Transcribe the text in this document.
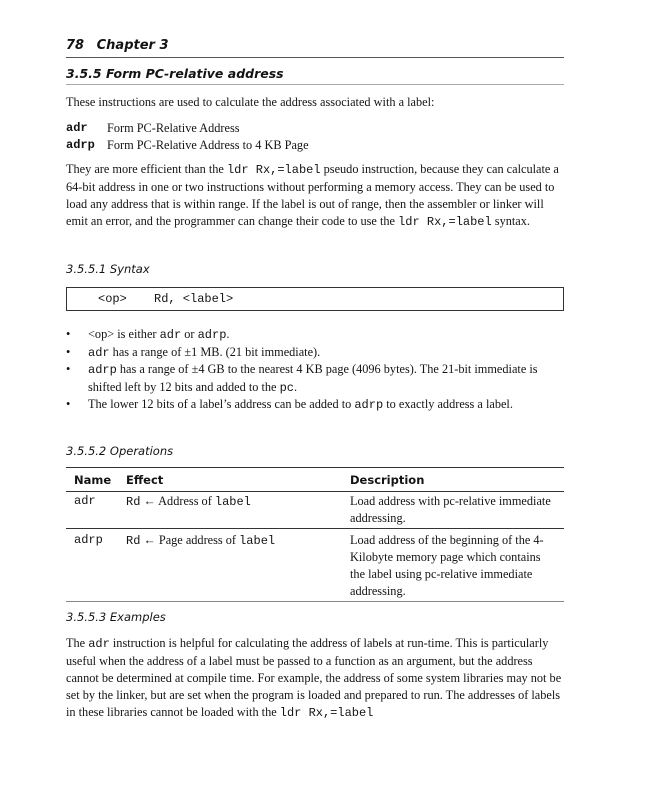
78 Chapter 3
3.5.5 Form PC-relative address
These instructions are used to calculate the address associated with a label:
adr	Form PC-Relative Address
adrp Form PC-Relative Address to 4 KB Page
They are more efficient than the ldr Rx,=label pseudo instruction, because they can calculate a 64-bit address in one or two instructions without performing a memory access. They can be used to load any address that is within range. If the label is out of range, then the assembler or linker will emit an error, and the programmer can change their code to use the ldr Rx,=label syntax.
3.5.5.1 Syntax
<op> Rd, <label>
• <op> is either adr or adrp.
• adr has a range of ±1 MB. (21 bit immediate).
• adrp has a range of ±4 GB to the nearest 4 KB page (4096 bytes). The 21-bit immediate is shifted left by 12 bits and added to the pc.
• The lower 12 bits of a label’s address can be added to adrp to exactly address a label.
3.5.5.2 Operations
Name	Effect	Description
adr	Rd ← Address of label	Load address with pc-relative immediate addressing.
adrp	Rd ← Page address of label	Load address of the beginning of the 4-Kilobyte memory page which contains the label using pc-relative immediate addressing.
3.5.5.3 Examples
The adr instruction is helpful for calculating the address of labels at run-time. This is particularly useful when the address of a label must be passed to a function as an argument, but the address cannot be determined at compile time. For example, the address of some system libraries may not be set by the linker, but are set when the program is loaded and prepared to run. The addresses of labels in these libraries cannot be loaded with the ldr Rx,=label
